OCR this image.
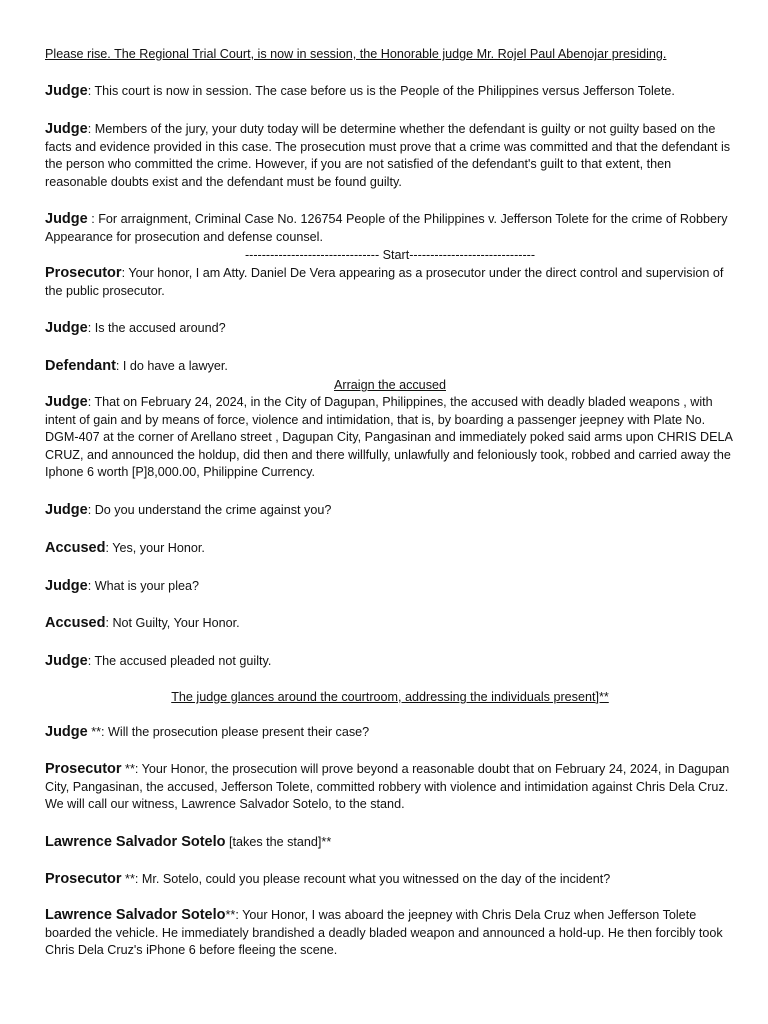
Please rise. The Regional Trial Court, is now in session, the Honorable judge Mr. Rojel Paul Abenojar presiding.
Judge: This court is now in session. The case before us is the People of the Philippines versus Jefferson Tolete.
Judge: Members of the jury, your duty today will be determine whether the defendant is guilty or not guilty based on the facts and evidence provided in this case. The prosecution must prove that a crime was committed and that the defendant is the person who committed the crime. However, if you are not satisfied of the defendant's guilt to that extent, then reasonable doubts exist and the defendant must be found guilty.
Judge : For arraignment, Criminal Case No. 126754 People of the Philippines v. Jefferson Tolete for the crime of Robbery Appearance for prosecution and defense counsel.
-------------------------------- Start------------------------------
Prosecutor: Your honor, I am Atty. Daniel De Vera appearing as a prosecutor under the direct control and supervision of the public prosecutor.
Judge: Is the accused around?
Defendant: I do have a lawyer.
Arraign the accused
Judge: That on February 24, 2024, in the City of Dagupan, Philippines, the accused with deadly bladed weapons , with intent of gain and by means of force, violence and intimidation, that is, by boarding a passenger jeepney with Plate No. DGM-407 at the corner of Arellano street , Dagupan City, Pangasinan and immediately poked said arms upon CHRIS DELA CRUZ, and announced the holdup, did then and there willfully, unlawfully and feloniously took, robbed and carried away the Iphone 6 worth [P]8,000.00, Philippine Currency.
Judge: Do you understand the crime against you?
Accused: Yes, your Honor.
Judge: What is your plea?
Accused: Not Guilty, Your Honor.
Judge: The accused pleaded not guilty.
The judge glances around the courtroom, addressing the individuals present]**
Judge **: Will the prosecution please present their case?
Prosecutor **: Your Honor, the prosecution will prove beyond a reasonable doubt that on February 24, 2024, in Dagupan City, Pangasinan, the accused, Jefferson Tolete, committed robbery with violence and intimidation against Chris Dela Cruz. We will call our witness, Lawrence Salvador Sotelo, to the stand.
Lawrence Salvador Sotelo [takes the stand]**
Prosecutor **: Mr. Sotelo, could you please recount what you witnessed on the day of the incident?
Lawrence Salvador Sotelo**: Your Honor, I was aboard the jeepney with Chris Dela Cruz when Jefferson Tolete boarded the vehicle. He immediately brandished a deadly bladed weapon and announced a hold-up. He then forcibly took Chris Dela Cruz's iPhone 6 before fleeing the scene.
